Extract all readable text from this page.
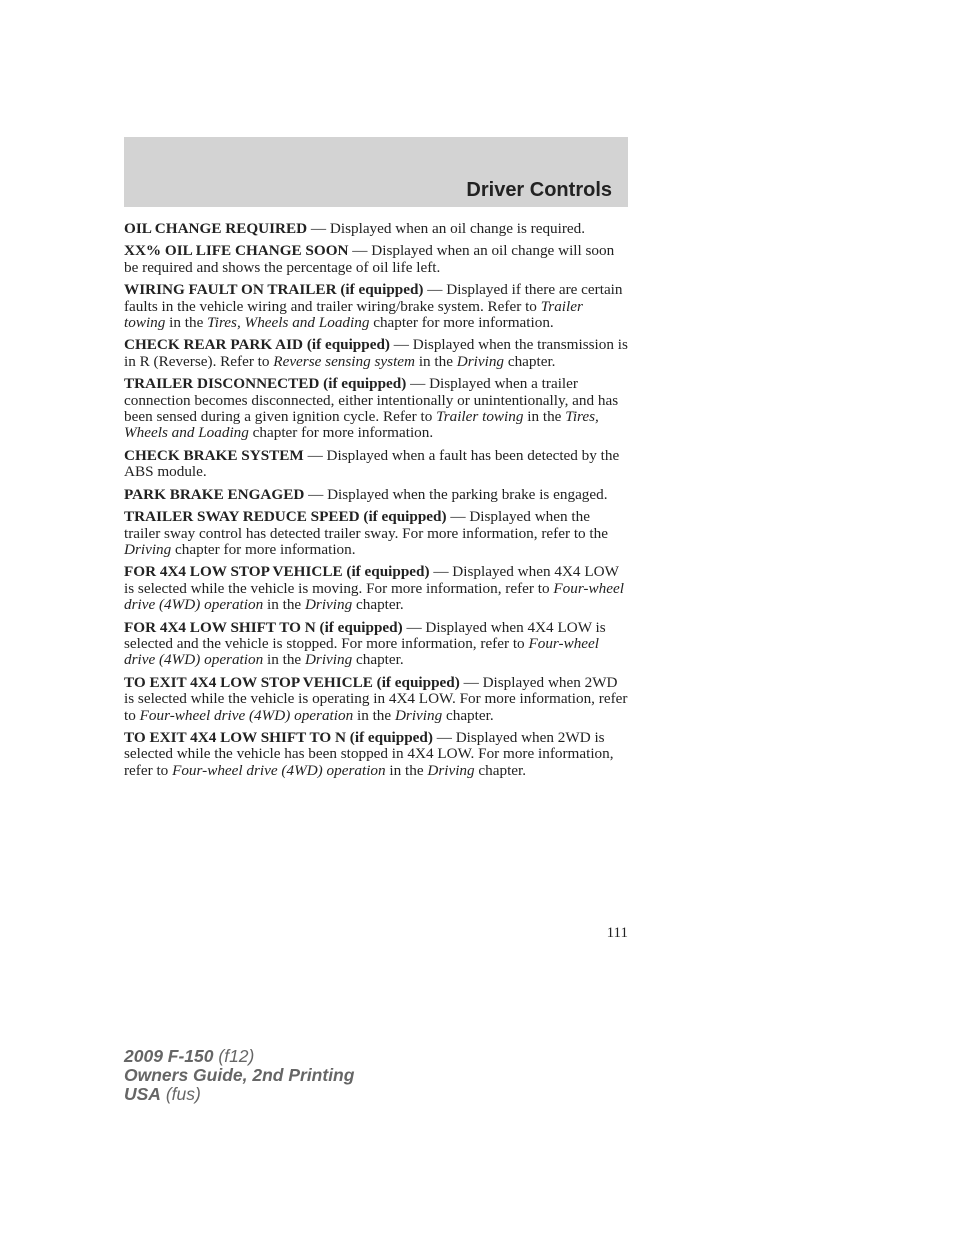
Driver Controls

OIL CHANGE REQUIRED — Displayed when an oil change is required.

XX% OIL LIFE CHANGE SOON — Displayed when an oil change will soon be required and shows the percentage of oil life left.

WIRING FAULT ON TRAILER (if equipped) — Displayed if there are certain faults in the vehicle wiring and trailer wiring/brake system. Refer to Trailer towing in the Tires, Wheels and Loading chapter for more information.

CHECK REAR PARK AID (if equipped) — Displayed when the transmission is in R (Reverse). Refer to Reverse sensing system in the Driving chapter.

TRAILER DISCONNECTED (if equipped) — Displayed when a trailer connection becomes disconnected, either intentionally or unintentionally, and has been sensed during a given ignition cycle. Refer to Trailer towing in the Tires, Wheels and Loading chapter for more information.

CHECK BRAKE SYSTEM — Displayed when a fault has been detected by the ABS module.

PARK BRAKE ENGAGED — Displayed when the parking brake is engaged.

TRAILER SWAY REDUCE SPEED (if equipped) — Displayed when the trailer sway control has detected trailer sway. For more information, refer to the Driving chapter for more information.

FOR 4X4 LOW STOP VEHICLE (if equipped) — Displayed when 4X4 LOW is selected while the vehicle is moving. For more information, refer to Four-wheel drive (4WD) operation in the Driving chapter.

FOR 4X4 LOW SHIFT TO N (if equipped) — Displayed when 4X4 LOW is selected and the vehicle is stopped. For more information, refer to Four-wheel drive (4WD) operation in the Driving chapter.

TO EXIT 4X4 LOW STOP VEHICLE (if equipped) — Displayed when 2WD is selected while the vehicle is operating in 4X4 LOW. For more information, refer to Four-wheel drive (4WD) operation in the Driving chapter.

TO EXIT 4X4 LOW SHIFT TO N (if equipped) — Displayed when 2WD is selected while the vehicle has been stopped in 4X4 LOW. For more information, refer to Four-wheel drive (4WD) operation in the Driving chapter.

111
2009 F-150 (f12)
Owners Guide, 2nd Printing
USA (fus)
